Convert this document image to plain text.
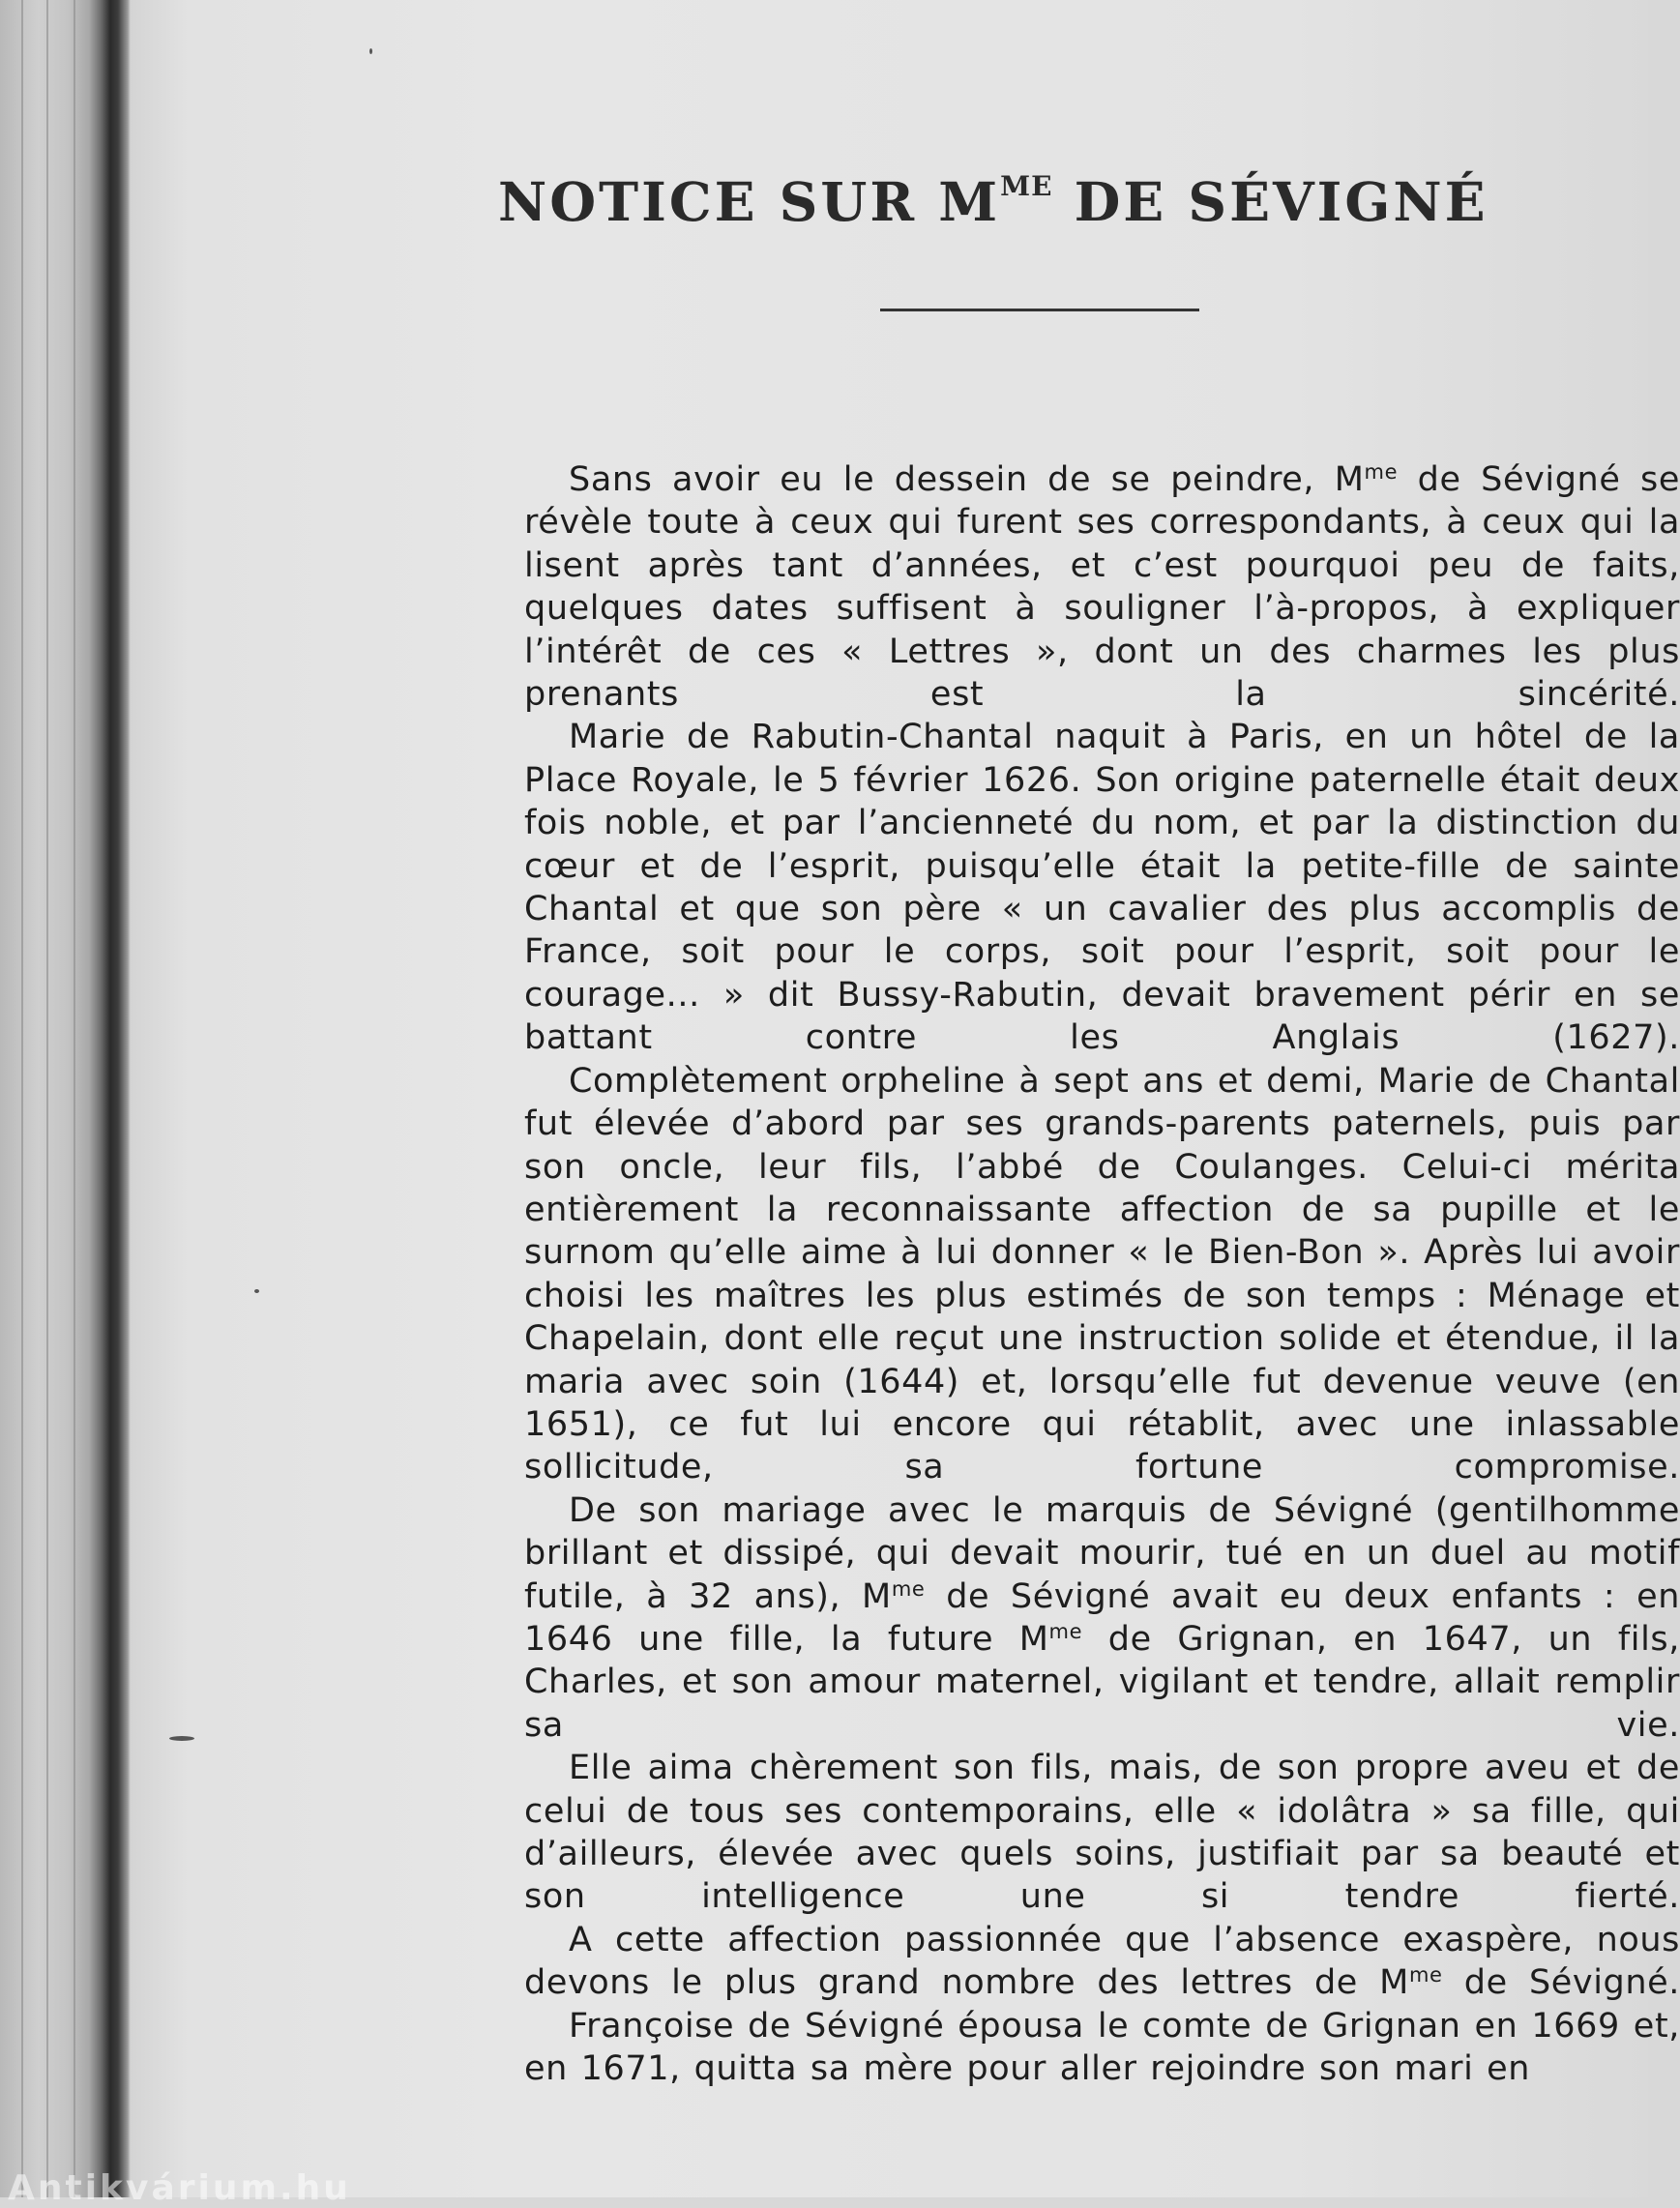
NOTICE SUR $M^{ME}$ DE SÉVIGNÉ

Sans avoir eu le dessein de se peindre, $M^{me}$ de Sévigné se révèle toute à ceux qui furent ses correspondants, à ceux qui la lisent après tant d’années, et c’est pourquoi peu de faits, quelques dates suffisent à souligner l’à-propos, à expliquer l’intérêt de ces « Lettres », dont un des charmes les plus prenants est la sincérité.

Marie de Rabutin-Chantal naquit à Paris, en un hôtel de la Place Royale, le 5 février 1626. Son origine paternelle était deux fois noble, et par l’ancienneté du nom, et par la distinction du cœur et de l’esprit, puisqu’elle était la petite-fille de sainte Chantal et que son père « un cavalier des plus accomplis de France, soit pour le corps, soit pour l’esprit, soit pour le courage... » dit Bussy-Rabutin, devait bravement périr en se battant contre les Anglais (1627).

Complètement orpheline à sept ans et demi, Marie de Chantal fut élevée d’abord par ses grands-parents paternels, puis par son oncle, leur fils, l’abbé de Coulanges. Celui-ci mérita entièrement la reconnaissante affection de sa pupille et le surnom qu’elle aime à lui donner « le Bien-Bon ». Après lui avoir choisi les maîtres les plus estimés de son temps : Ménage et Chapelain, dont elle reçut une instruction solide et étendue, il la maria avec soin (1644) et, lorsqu’elle fut devenue veuve (en 1651), ce fut lui encore qui rétablit, avec une inlassable sollicitude, sa fortune compromise.

De son mariage avec le marquis de Sévigné (gentilhomme brillant et dissipé, qui devait mourir, tué en un duel au motif futile, à 32 ans), $M^{me}$ de Sévigné avait eu deux enfants : en 1646 une fille, la future $M^{me}$ de Grignan, en 1647, un fils, Charles, et son amour maternel, vigilant et tendre, allait remplir sa vie.

Elle aima chèrement son fils, mais, de son propre aveu et de celui de tous ses contemporains, elle « idolâtra » sa fille, qui d’ailleurs, élevée avec quels soins, justifiait par sa beauté et son intelligence une si tendre fierté.

A cette affection passionnée que l’absence exaspère, nous devons le plus grand nombre des lettres de $M^{me}$ de Sévigné.

Françoise de Sévigné épousa le comte de Grignan en 1669 et, en 1671, quitta sa mère pour aller rejoindre son mari en

Antikvárium.hu
